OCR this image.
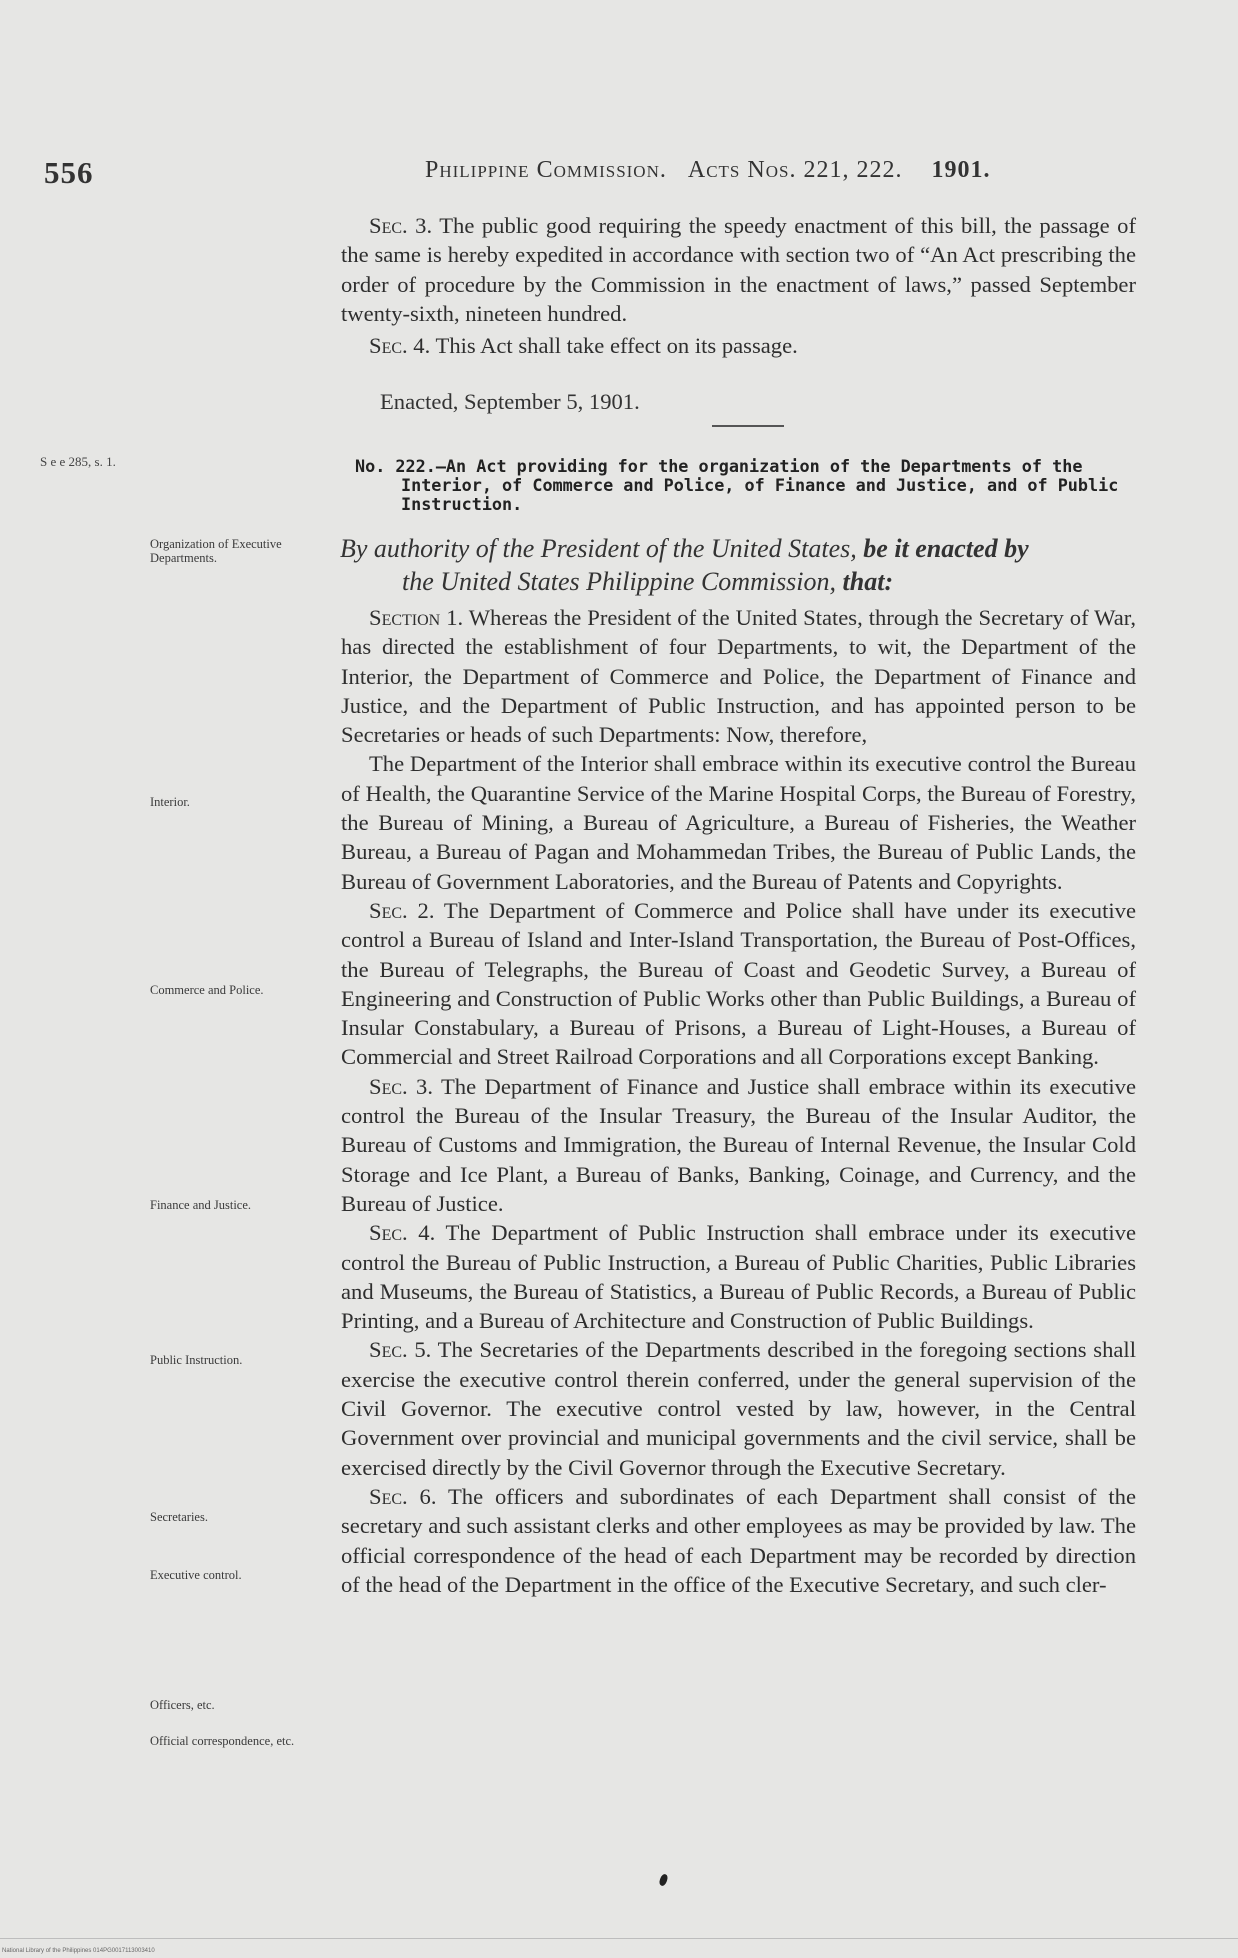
556	Philippine Commission. Acts Nos. 221, 222. 1901.

Sec. 3. The public good requiring the speedy enactment of this bill, the passage of the same is hereby expedited in accordance with section two of “An Act prescribing the order of procedure by the Commission in the enactment of laws,” passed September twenty-sixth, nineteen hundred.

Sec. 4. This Act shall take effect on its passage.

Enacted, September 5, 1901.
S e e 285, s. 1.	No. 222.—An Act providing for the organization of the Departments of the Interior, of Commerce and Police, of Finance and Justice, and of Public Instruction.
By authority of the President of the United States, be it enacted by
the United States Philippine Commission, that:
Organization of Executive Departments.
Interior.
Commerce and Police.
Finance and Justice.
Public Instruction.
Secretaries.
Executive control.
Officers, etc.
Official correspondence, etc.

Section 1. Whereas the President of the United States, through the Secretary of War, has directed the establishment of four Departments, to wit, the Department of the Interior, the Department of Commerce and Police, the Department of Finance and Justice, and the Department of Public Instruction, and has appointed person to be Secretaries or heads of such Departments: Now, therefore,

The Department of the Interior shall embrace within its executive control the Bureau of Health, the Quarantine Service of the Marine Hospital Corps, the Bureau of Forestry, the Bureau of Mining, a Bureau of Agriculture, a Bureau of Fisheries, the Weather Bureau, a Bureau of Pagan and Mohammedan Tribes, the Bureau of Public Lands, the Bureau of Government Laboratories, and the Bureau of Patents and Copyrights.

Sec. 2. The Department of Commerce and Police shall have under its executive control a Bureau of Island and Inter-Island Transportation, the Bureau of Post-Offices, the Bureau of Telegraphs, the Bureau of Coast and Geodetic Survey, a Bureau of Engineering and Construction of Public Works other than Public Buildings, a Bureau of Insular Constabulary, a Bureau of Prisons, a Bureau of Light-Houses, a Bureau of Commercial and Street Railroad Corporations and all Corporations except Banking.

Sec. 3. The Department of Finance and Justice shall embrace within its executive control the Bureau of the Insular Treasury, the Bureau of the Insular Auditor, the Bureau of Customs and Immigration, the Bureau of Internal Revenue, the Insular Cold Storage and Ice Plant, a Bureau of Banks, Banking, Coinage, and Currency, and the Bureau of Justice.

Sec. 4. The Department of Public Instruction shall embrace under its executive control the Bureau of Public Instruction, a Bureau of Public Charities, Public Libraries and Museums, the Bureau of Statistics, a Bureau of Public Records, a Bureau of Public Printing, and a Bureau of Architecture and Construction of Public Buildings.

Sec. 5. The Secretaries of the Departments described in the foregoing sections shall exercise the executive control therein conferred, under the general supervision of the Civil Governor. The executive control vested by law, however, in the Central Government over provincial and municipal governments and the civil service, shall be exercised directly by the Civil Governor through the Executive Secretary.

Sec. 6. The officers and subordinates of each Department shall consist of the secretary and such assistant clerks and other employees as may be provided by law. The official correspondence of the head of each Department may be recorded by direction of the head of the Department in the office of the Executive Secretary, and such cler-

National Library of the Philippines 014PG0017113003410
